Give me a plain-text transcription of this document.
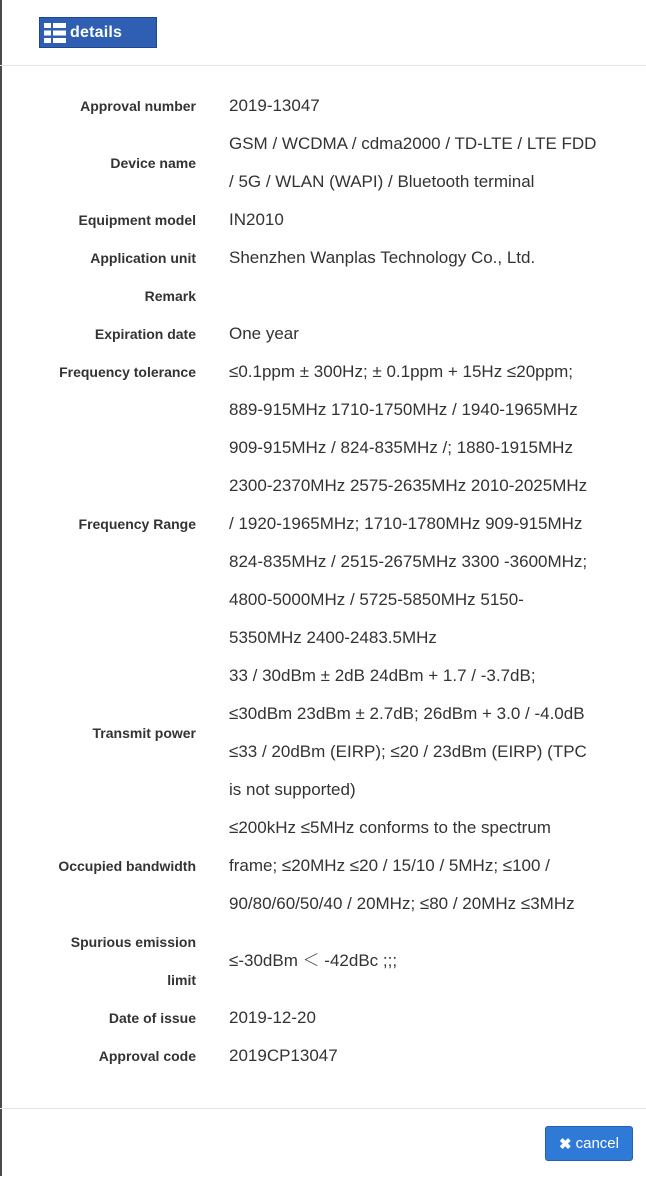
details
Approval number 2019-13047
Device name
GSM / WCDMA / cdma2000 / TD-LTE / LTE FDD
/ 5G / WLAN (WAPI) / Bluetooth terminal
Equipment model IN2010
Application unit Shenzhen Wanplas Technology Co., Ltd.
Remark
Expiration date One year
Frequency tolerance ≤0.1ppm ± 300Hz; ± 0.1ppm + 15Hz ≤20ppm;
Frequency Range
889-915MHz 1710-1750MHz / 1940-1965MHz
909-915MHz / 824-835MHz /; 1880-1915MHz
2300-2370MHz 2575-2635MHz 2010-2025MHz
/ 1920-1965MHz; 1710-1780MHz 909-915MHz
824-835MHz / 2515-2675MHz 3300 -3600MHz;
4800-5000MHz / 5725-5850MHz 5150-
5350MHz 2400-2483.5MHz
Transmit power
33 / 30dBm ± 2dB 24dBm + 1.7 / -3.7dB;
≤30dBm 23dBm ± 2.7dB; 26dBm + 3.0 / -4.0dB
≤33 / 20dBm (EIRP); ≤20 / 23dBm (EIRP) (TPC
is not supported)
Occupied bandwidth
≤200kHz ≤5MHz conforms to the spectrum
frame; ≤20MHz ≤20 / 15/10 / 5MHz; ≤100 /
90/80/60/50/40 / 20MHz; ≤80 / 20MHz ≤3MHz
Spurious emission
limit
≤-30dBm ＜ -42dBc ;;;
Date of issue 2019-12-20
Approval code 2019CP13047
✖ cancel
